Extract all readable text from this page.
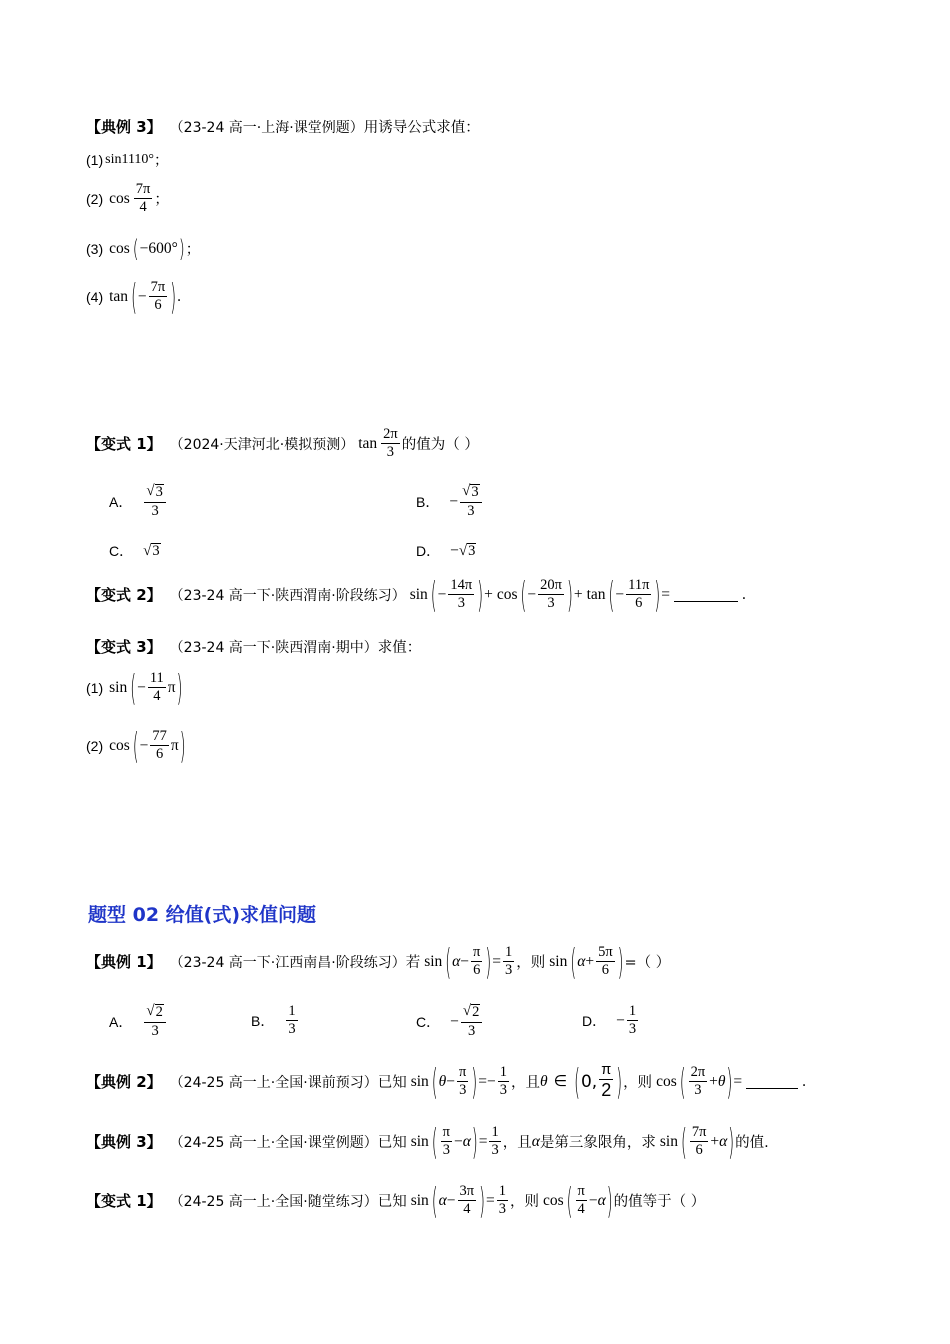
【典例 3】 （23-24 高一·上海·课堂例题） 用诱导公式求值：
(1) sin1110° ；
(2) $\cos \frac{7\pi}{4}$ ；
(3) cos ( −600° ) ；
(4) tan ( − $\frac{7\pi}{6}$ ) .
【变式 1】 （2024·天津河北·模拟预测） $\tan \frac{2\pi}{3}$ 的值为（ ）
A． $\frac{√ 3}{3}$	B． − $\frac{√ 3}{3}$
C． √ 3	D． − √ 3
【变式 2】 （23-24 高一下·陕西渭南·阶段练习） sin ( − $\frac{14\pi}{3}$ ) + cos ( − $\frac{20\pi}{3}$ ) + tan ( − $\frac{11\pi}{6}$ ) =	.
【变式 3】 （23-24 高一下·陕西渭南·期中） 求值：
(1) sin ( − $\frac{11}{4}$ π )
(2) cos ( − $\frac{77}{6}$ π )
题型 02 给值(式)求值问题
【典例 1】 （23-24 高一下·江西南昌·阶段练习） 若 sin ( $\alpha - \frac{\pi}{6}$ ) = $\frac{1}{3}$ ，则 sin ( $\alpha + \frac{5\pi}{6}$ ) =（ ）
A． $\frac{√ 2}{3}$	B． $\frac{1}{3}$	C． − $\frac{√ 2}{3}$	D． − $\frac{1}{3}$
【典例 2】 （24-25 高一上·全国·课前预习） 已知 sin ( $\theta - \frac{\pi}{3}$ ) =− $\frac{1}{3}$ ，且 θ ∈ ( 0, $\frac{\pi}{2}$ ) ，则 cos ( $\frac{2\pi}{3} + \theta$ ) =	.
【典例 3】 （24-25 高一上·全国·课堂例题） 已知 sin ( $\frac{\pi}{3} - \alpha$ ) = $\frac{1}{3}$ ，且 α 是第三象限角，求 sin ( $\frac{7\pi}{6} + \alpha$ ) 的值.
【变式 1】 （24-25 高一上·全国·随堂练习） 已知 sin ( $\alpha - \frac{3\pi}{4}$ ) = $\frac{1}{3}$ ，则 cos ( $\frac{\pi}{4} - \alpha$ ) 的值等于（ ）
